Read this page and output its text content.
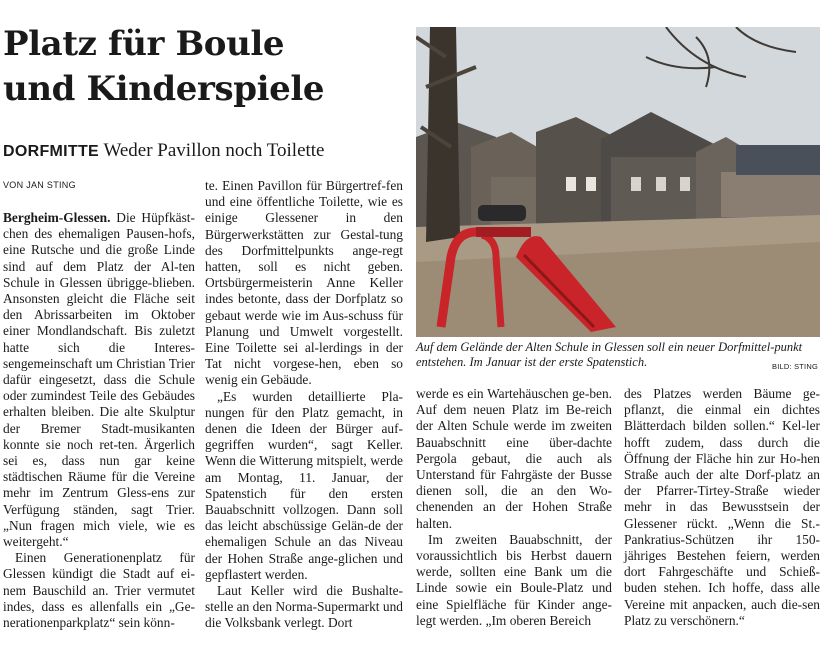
Platz für Boule
und Kinderspiele
DORFMITTE Weder Pavillon noch Toilette
VON JAN STING

Bergheim-Glessen. Die Hüpfkäst-chen des ehemaligen Pausen-hofs, eine Rutsche und die große Linde sind auf dem Platz der Al-ten Schule in Glessen übrigge-blieben. Ansonsten gleicht die Fläche seit den Abrissarbeiten im Oktober einer Mondlandschaft. Bis zuletzt hatte sich die Interes-sengemeinschaft um Christian Trier dafür eingesetzt, dass die Schule oder zumindest Teile des Gebäudes erhalten bleiben. Die alte Skulptur der Bremer Stadt-musikanten konnte sie noch ret-ten. Ärgerlich sei es, dass nun gar keine städtischen Räume für die Vereine mehr im Zentrum Gless-ens zur Verfügung ständen, sagt Trier. „Nun fragen mich viele, wie es weitergeht.“

Einen Generationenplatz für Glessen kündigt die Stadt auf ei-nem Bauschild an. Trier vermutet indes, dass es allenfalls ein „Ge-nerationenparkplatz“ sein könn-

te. Einen Pavillon für Bürgertref-fen und eine öffentliche Toilette, wie es einige Glessener in den Bürgerwerkstätten zur Gestal-tung des Dorfmittelpunkts ange-regt hatten, soll es nicht geben. Ortsbürgermeisterin Anne Keller indes betonte, dass der Dorfplatz so gebaut werde wie im Aus-schuss für Planung und Umwelt vorgestellt. Eine Toilette sei al-lerdings in der Tat nicht vorgese-hen, eben so wenig ein Gebäude.

„Es wurden detaillierte Pla-nungen für den Platz gemacht, in denen die Ideen der Bürger auf-gegriffen wurden“, sagt Keller. Wenn die Witterung mitspielt, werde am Montag, 11. Januar, der Spatenstich für den ersten Bauabschnitt vollzogen. Dann soll das leicht abschüssige Gelän-de der ehemaligen Schule an das Niveau der Hohen Straße ange-glichen und gepflastert werden.

Laut Keller wird die Bushalte-stelle an den Norma-Supermarkt und die Volksbank verlegt. Dort

Auf dem Gelände der Alten Schule in Glessen soll ein neuer Dorfmittel-punkt entstehen. Im Januar ist der erste Spatenstich.	BILD: STING

werde es ein Wartehäuschen ge-ben. Auf dem neuen Platz im Be-reich der Alten Schule werde im zweiten Bauabschnitt eine über-dachte Pergola gebaut, die auch als Unterstand für Fahrgäste der Busse dienen soll, die an den Wo-chenenden an der Hohen Straße halten.

Im zweiten Bauabschnitt, der voraussichtlich bis Herbst dauern werde, sollten eine Bank um die Linde sowie ein Boule-Platz und eine Spielfläche für Kinder ange-legt werden. „Im oberen Bereich

des Platzes werden Bäume ge-pflanzt, die einmal ein dichtes Blätterdach bilden sollen.“ Kel-ler hofft zudem, dass durch die Öffnung der Fläche hin zur Ho-hen Straße auch der alte Dorf-platz an der Pfarrer-Tirtey-Straße wieder mehr in das Bewusstsein der Glessener rückt. „Wenn die St.-Pankratius-Schützen ihr 150-jähriges Bestehen feiern, werden dort Fahrgeschäfte und Schieß-buden stehen. Ich hoffe, dass alle Vereine mit anpacken, auch die-sen Platz zu verschönern.“
